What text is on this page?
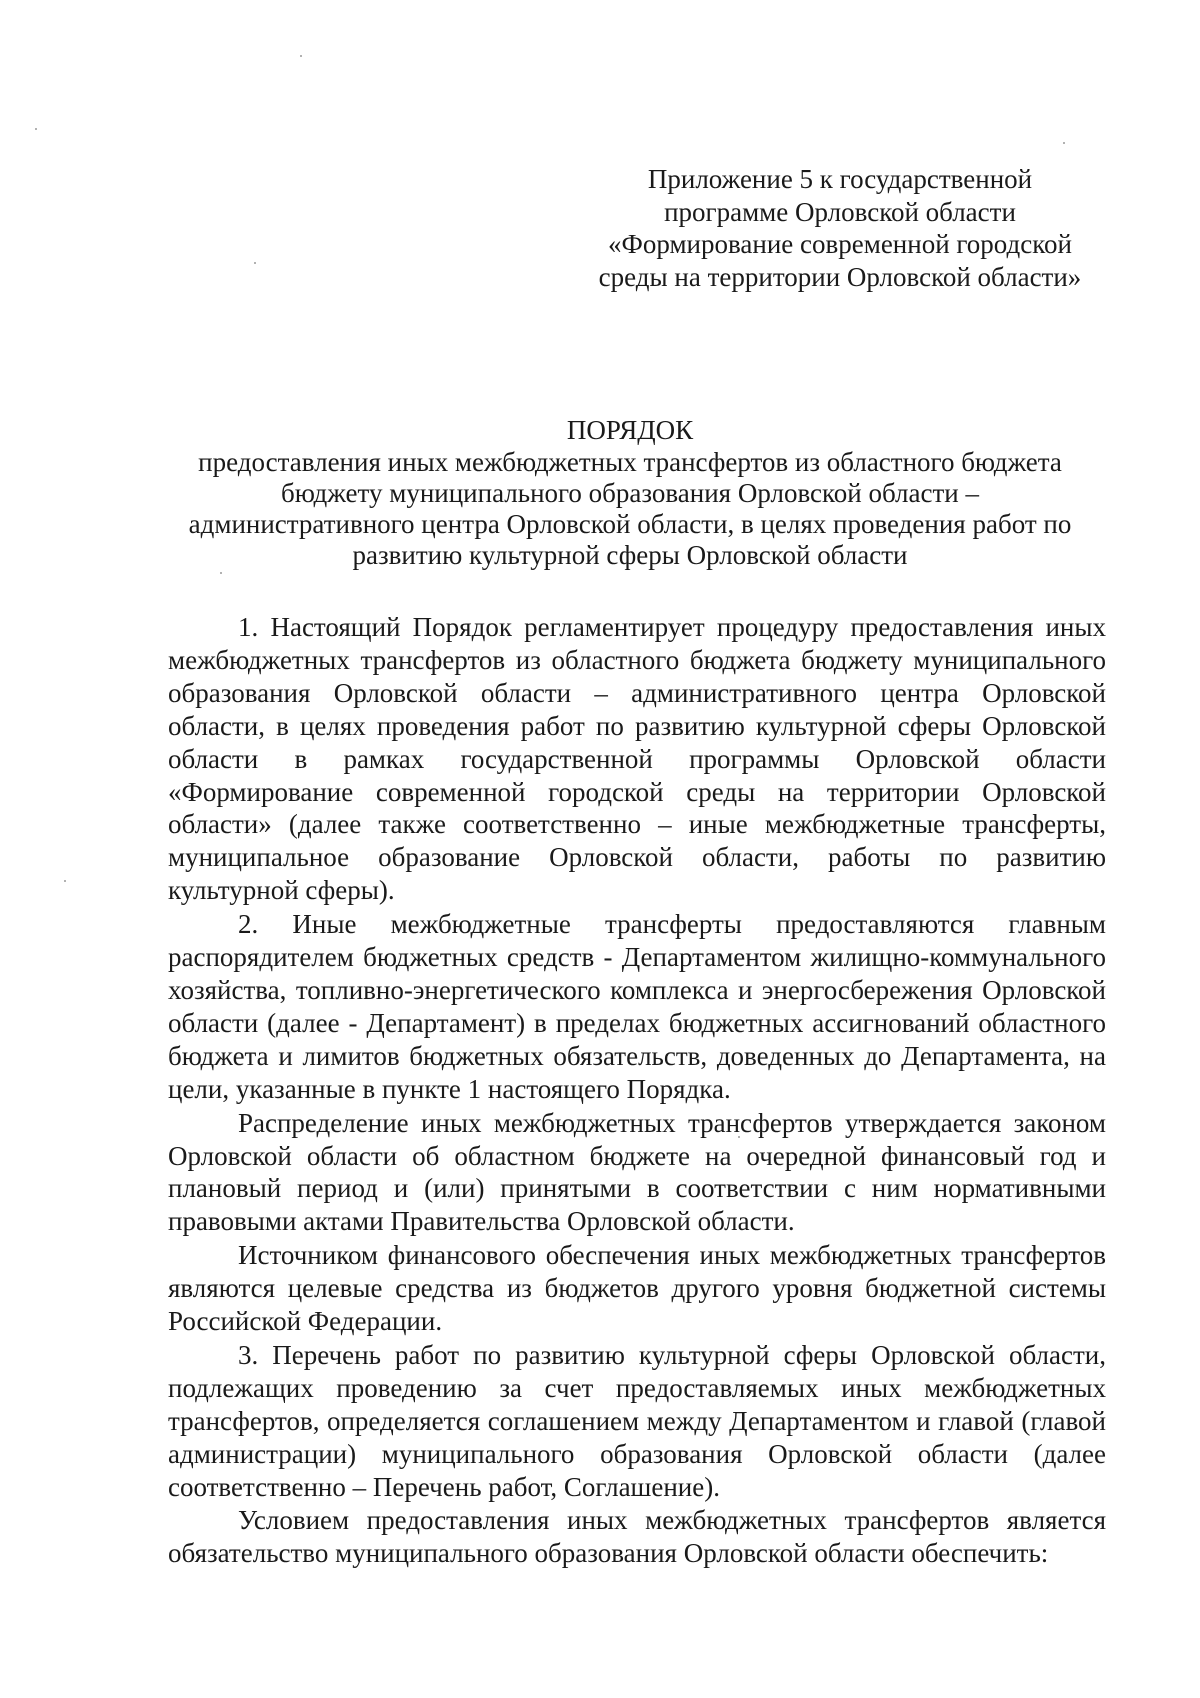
Приложение 5 к государственной
программе Орловской области
«Формирование современной городской
среды на территории Орловской области»
ПОРЯДОК
предоставления иных межбюджетных трансфертов из областного бюджета
бюджету муниципального образования Орловской области –
административного центра Орловской области, в целях проведения работ по
развитию культурной сферы Орловской области

1. Настоящий Порядок регламентирует процедуру предоставления иных межбюджетных трансфертов из областного бюджета бюджету муниципального образования Орловской области – административного центра Орловской области, в целях проведения работ по развитию культурной сферы Орловской области в рамках государственной программы Орловской области «Формирование современной городской среды на территории Орловской области» (далее также соответственно – иные межбюджетные трансферты, муниципальное образование Орловской области, работы по развитию культурной сферы).

2. Иные межбюджетные трансферты предоставляются главным распорядителем бюджетных средств - Департаментом жилищно-коммунального хозяйства, топливно-энергетического комплекса и энергосбережения Орловской области (далее - Департамент) в пределах бюджетных ассигнований областного бюджета и лимитов бюджетных обязательств, доведенных до Департамента, на цели, указанные в пункте 1 настоящего Порядка.

Распределение иных межбюджетных трансфертов утверждается законом Орловской области об областном бюджете на очередной финансовый год и плановый период и (или) принятыми в соответствии с ним нормативными правовыми актами Правительства Орловской области.

Источником финансового обеспечения иных межбюджетных трансфертов являются целевые средства из бюджетов другого уровня бюджетной системы Российской Федерации.

3. Перечень работ по развитию культурной сферы Орловской области, подлежащих проведению за счет предоставляемых иных межбюджетных трансфертов, определяется соглашением между Департаментом и главой (главой администрации) муниципального образования Орловской области (далее соответственно – Перечень работ, Соглашение).

Условием предоставления иных межбюджетных трансфертов является обязательство муниципального образования Орловской области обеспечить:
